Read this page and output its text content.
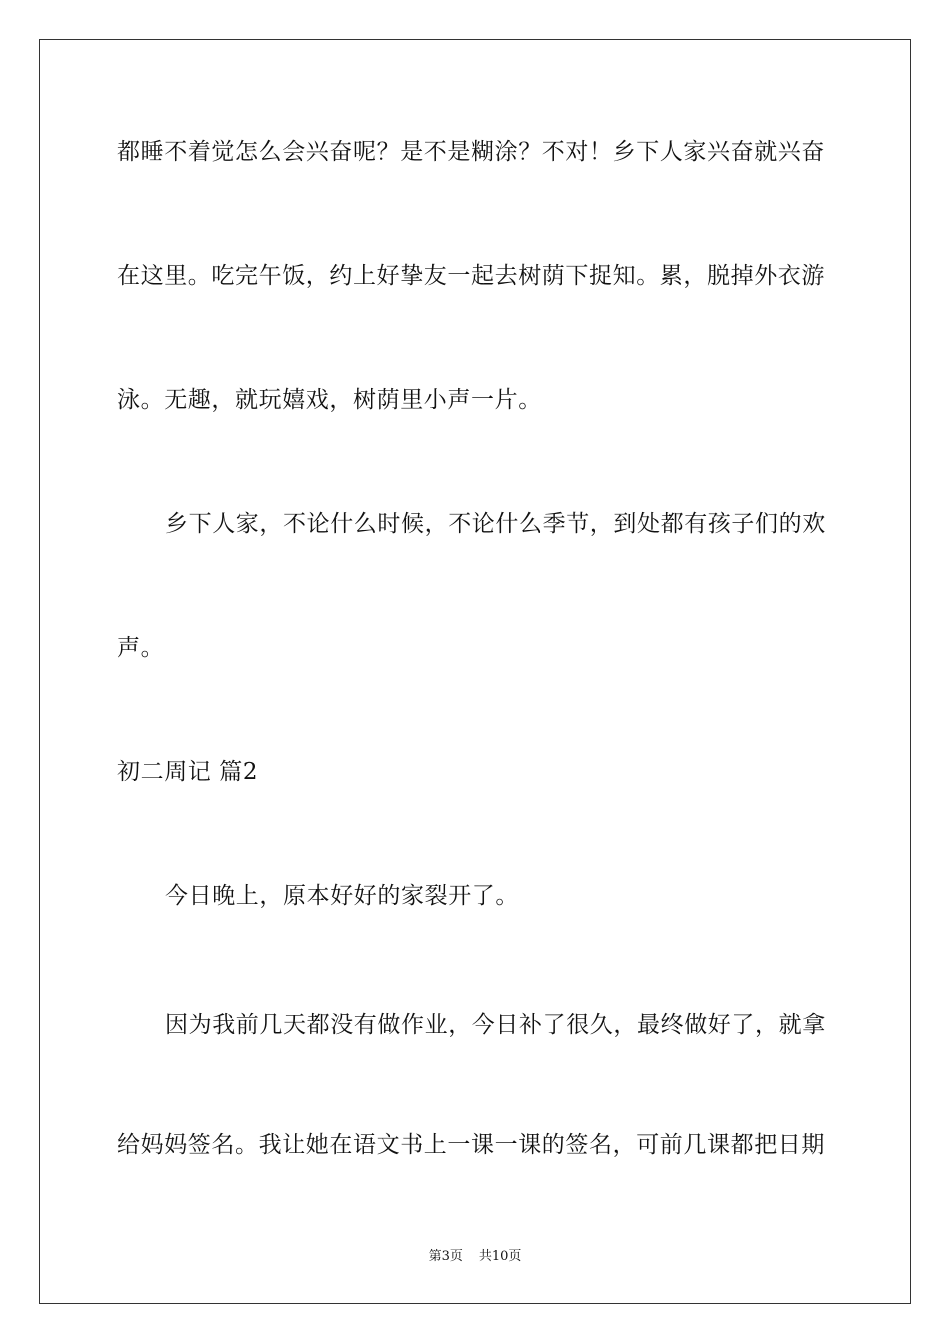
都睡不着觉怎么会兴奋呢？是不是糊涂？不对！乡下人家兴奋就兴奋
在这里。吃完午饭，约上好挚友一起去树荫下捉知。累，脱掉外衣游
泳。无趣，就玩嬉戏，树荫里小声一片。
乡下人家，不论什么时候，不论什么季节，到处都有孩子们的欢
声。
初二周记 篇2
今日晚上，原本好好的家裂开了。
因为我前几天都没有做作业，今日补了很久，最终做好了，就拿
给妈妈签名。我让她在语文书上一课一课的签名，可前几课都把日期
第3页 共10页
